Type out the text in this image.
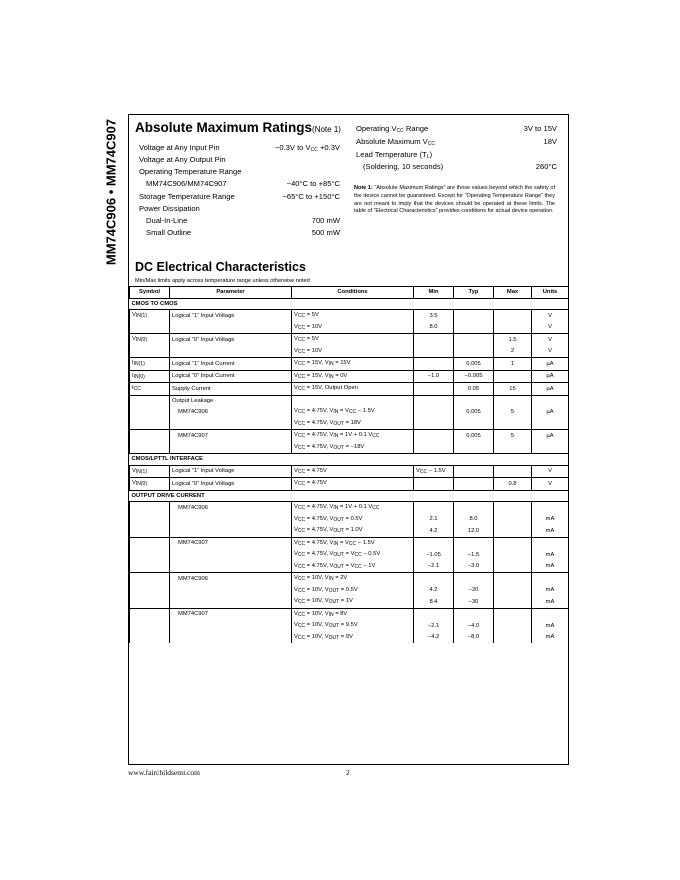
MM74C906 • MM74C907 Absolute Maximum Ratings(Note 1)
Voltage at Any Input Pin	−0.3V to $V_{CC} +0.3V$
Voltage at Any Output Pin
Operating Temperature Range
MM74C906/MM74C907	−40°C to +85°C
Storage Temperature Range	−65°C to +150°C
Power Dissipation
Dual-In-Line	700 mW
Small Outline	500 mW
Operating $V_{CC}$ Range	3V to 15V
Absolute Maximum $V_{CC}$	18V
Lead Temperature $(T_L)$
(Soldering, 10 seconds)	260°C
Note 1: “Absolute Maximum Ratings” are those values beyond which the safety of the device cannot be guaranteed. Except for “Operating Temperature Range” they are not meant to imply that the devices should be operated at these limits. The table of “Electrical Characteristics” provides conditions for actual device operation.
DC Electrical Characteristics
Min/Max limits apply across temperature range unless otherwise noted
Symbol	Parameter	Conditions	Min	Typ	Max	Units
CMOS TO CMOS						
$V_{IN(1)}$	Logical “1” Input Voltage	$V_{CC} = 5V$	3.5			V
		$V_{CC} = 10V$	8.0			V
$V_{IN(0)}$	Logical “0” Input Voltage	$V_{CC} = 5V$			1.5	V
		$V_{CC} = 10V$			2	V
$I_{IN(1)}$	Logical “1” Input Current	$V_{CC} = 15V$, $V_{IN} = 15V$		0.005	1	µA
$I_{IN(0)}$	Logical “0” Input Current	$V_{CC} = 15V$, $V_{IN} = 0V$	−1.0	−0.005		µA
$I_{CC}$	Supply Current	$V_{CC} = 15V$, Output Open		0.05	15	µA
	Output Leakage					
	MM74C906	$V_{CC} = 4.75V$, $V_{IN} = V_{CC} - 1.5V$		0.005	5	µA
		$V_{CC} = 4.75V$, $V_{OUT} = 18V$				
	MM74C907	$V_{CC} = 4.75V$, $V_{IN} = 1V + 0.1$ $V_{CC}$		0.005	5	µA
		$V_{CC} = 4.75V$, $V_{OUT} = -18V$				
CMOS/LPTTL INTERFACE						
$V_{IN(1)}$	Logical “1” Input Voltage	$V_{CC} = 4.75V$	$V_{CC} - 1.5V$			V
$V_{IN(0)}$	Logical “0” Input Voltage	$V_{CC} = 4.75V$			0.8	V
OUTPUT DRIVE CURRENT						
	MM74C906	$V_{CC} = 4.75V$, $V_{IN} = 1V + 0.1$ $V_{CC}$				
		$V_{CC} = 4.75V$, $V_{OUT} = 0.5V$	2.1	8.0		mA
		$V_{CC} = 4.75V$, $V_{OUT} = 1.0V$	4.2	12.0		mA
	MM74C907	$V_{CC} = 4.75V$, $V_{IN} = V_{CC} - 1.5V$				
		$V_{CC} = 4.75V$, $V_{OUT} = V_{CC} - 0.5V$	−1.05	−1.5		mA
		$V_{CC} = 4.75V$, $V_{OUT} = V_{CC} - 1V$	−2.1	−3.0		mA
	MM74C906	$V_{CC} = 10V$, $V_{IN} = 2V$				
		$V_{CC} = 10V$, $V_{OUT} = 0.5V$	4.2	−20		mA
		$V_{CC} = 10V$, $V_{OUT} = 1V$	8.4	−30		mA
	MM74C907	$V_{CC} = 10V$, $V_{IN} = 8V$				
		$V_{CC} = 10V$, $V_{OUT} = 9.5V$	−2.1	−4.0		mA
		$V_{CC} = 10V$, $V_{OUT} = 9V$	−4.2	−8.0		mA
www.fairchildsemi.com	2
